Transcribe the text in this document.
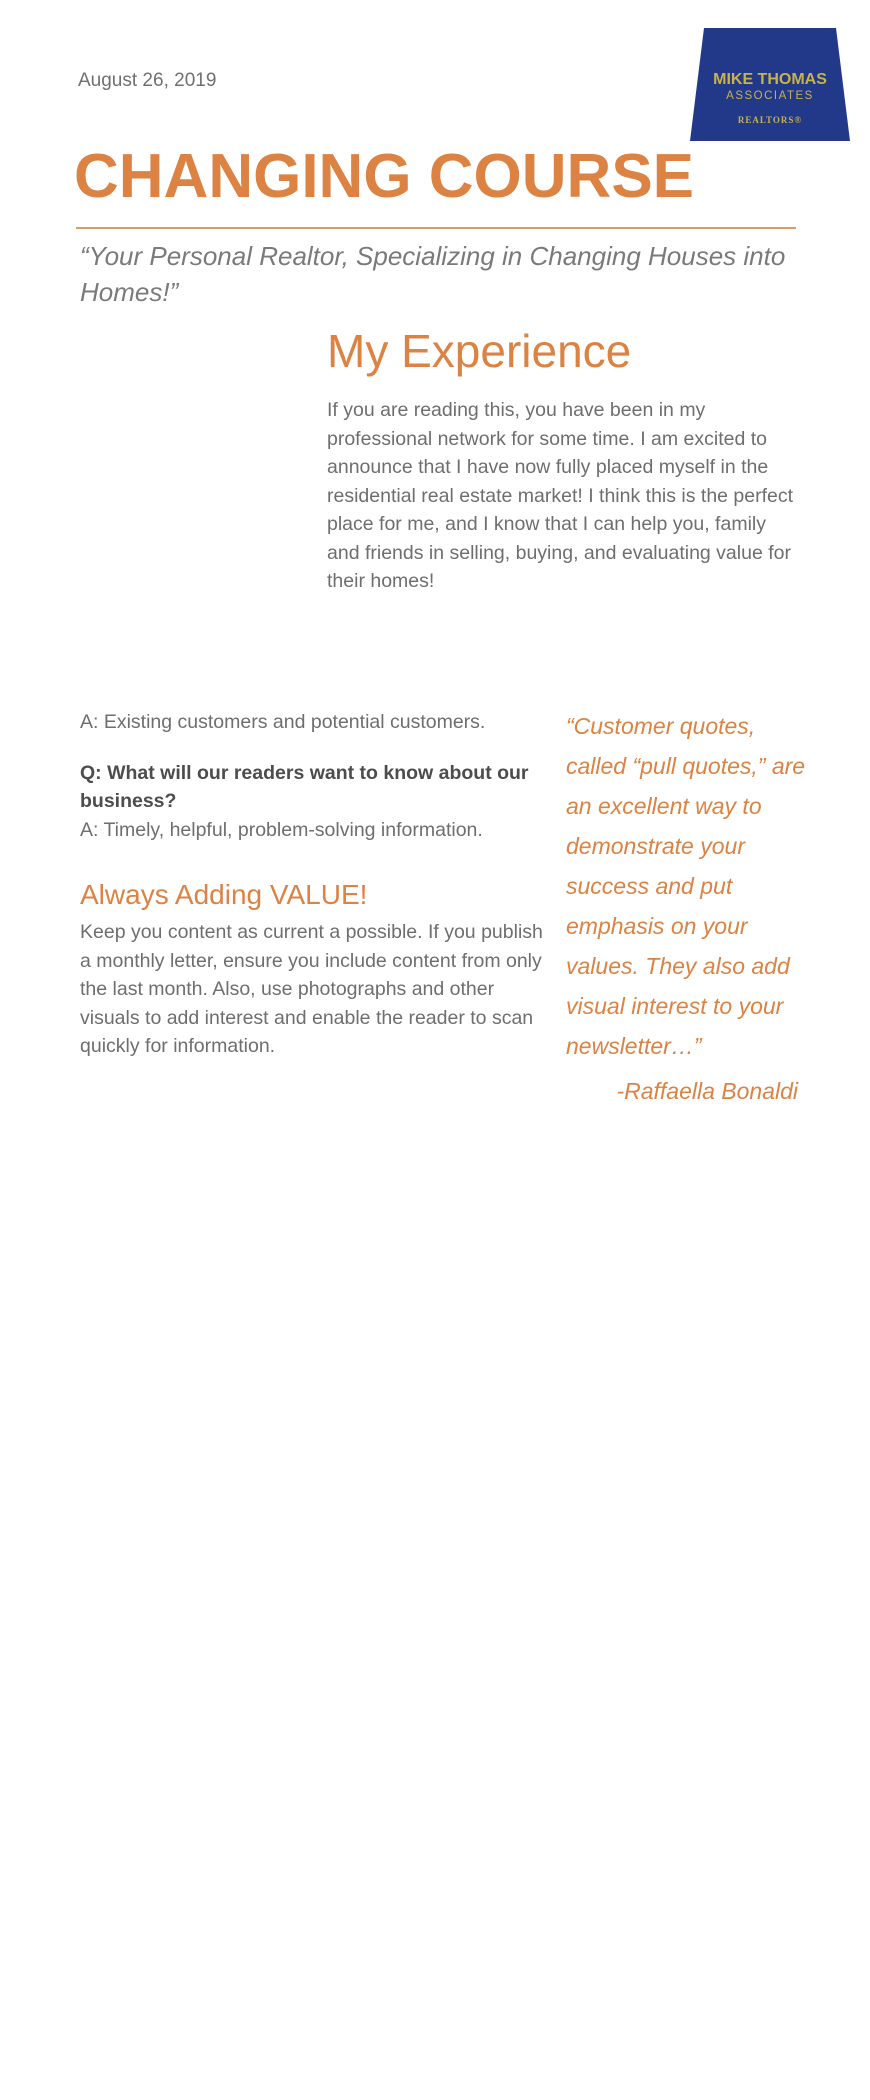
August 26, 2019	MIKE THOMAS
ASSOCIATES
REALTORS®
CHANGING COURSE
“Your Personal Realtor, Specializing in Changing Houses into Homes!”
My Experience
If you are reading this, you have been in my professional network for some time. I am excited to announce that I have now fully placed myself in the residential real estate market! I think this is the perfect place for me, and I know that I can help you, family and friends in selling, buying, and evaluating value for their homes!

A: Existing customers and potential customers.

Q: What will our readers want to know about our business?

A: Timely, helpful, problem-solving information.

Always Adding VALUE!

Keep you content as current a possible. If you publish a monthly letter, ensure you include content from only the last month. Also, use photographs and other visuals to add interest and enable the reader to scan quickly for information.

“Customer quotes, called “pull quotes,” are an excellent way to demonstrate your success and put emphasis on your values. They also add visual interest to your newsletter…”
-Raffaella Bonaldi
